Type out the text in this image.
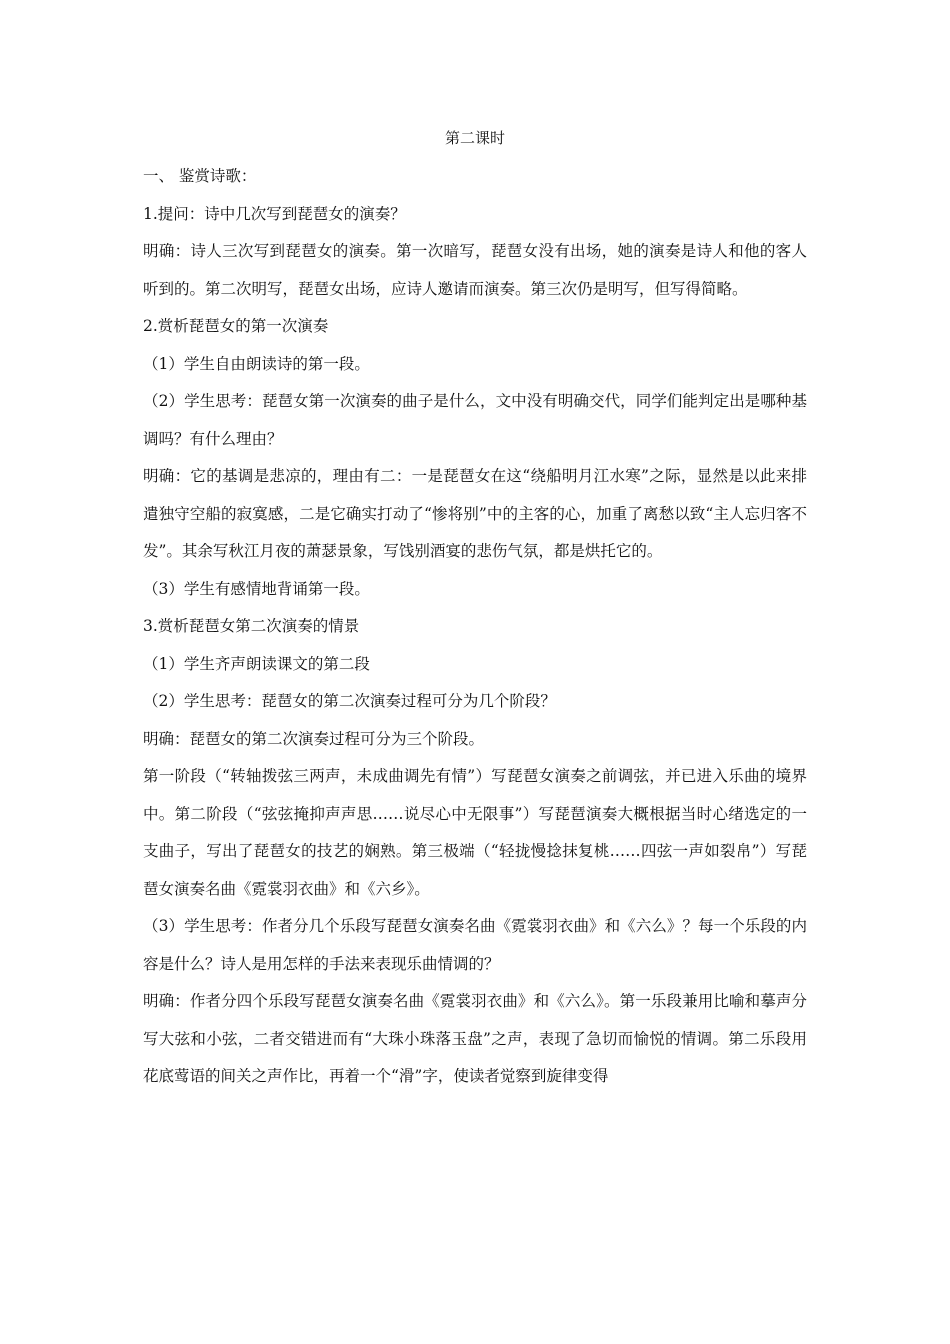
第二课时

一、 鉴赏诗歌：

1.提问：诗中几次写到琵琶女的演奏？

明确：诗人三次写到琵琶女的演奏。第一次暗写，琵琶女没有出场，她的演奏是诗人和他的客人听到的。第二次明写，琵琶女出场，应诗人邀请而演奏。第三次仍是明写，但写得简略。

2.赏析琵琶女的第一次演奏

（1）学生自由朗读诗的第一段。

（2）学生思考：琵琶女第一次演奏的曲子是什么，文中没有明确交代，同学们能判定出是哪种基调吗？有什么理由？

明确：它的基调是悲凉的，理由有二：一是琵琶女在这“绕船明月江水寒”之际，显然是以此来排遣独守空船的寂寞感，二是它确实打动了“惨将别”中的主客的心，加重了离愁以致“主人忘归客不发”。其余写秋江月夜的萧瑟景象，写饯别酒宴的悲伤气氛，都是烘托它的。

（3）学生有感情地背诵第一段。

3.赏析琵琶女第二次演奏的情景

（1）学生齐声朗读课文的第二段

（2）学生思考：琵琶女的第二次演奏过程可分为几个阶段？

明确：琵琶女的第二次演奏过程可分为三个阶段。

第一阶段（“转轴拨弦三两声，未成曲调先有情”）写琵琶女演奏之前调弦，并已进入乐曲的境界中。第二阶段（“弦弦掩抑声声思……说尽心中无限事”）写琵琶演奏大概根据当时心绪选定的一支曲子，写出了琵琶女的技艺的娴熟。第三极端（“轻拢慢捻抹复桃……四弦一声如裂帛”）写琵琶女演奏名曲《霓裳羽衣曲》和《六乡》。

（3）学生思考：作者分几个乐段写琵琶女演奏名曲《霓裳羽衣曲》和《六么》？每一个乐段的内容是什么？诗人是用怎样的手法来表现乐曲情调的？

明确：作者分四个乐段写琵琶女演奏名曲《霓裳羽衣曲》和《六么》。第一乐段兼用比喻和摹声分写大弦和小弦，二者交错进而有“大珠小珠落玉盘”之声，表现了急切而愉悦的情调。第二乐段用花底莺语的间关之声作比，再着一个“滑”字，使读者觉察到旋律变得
